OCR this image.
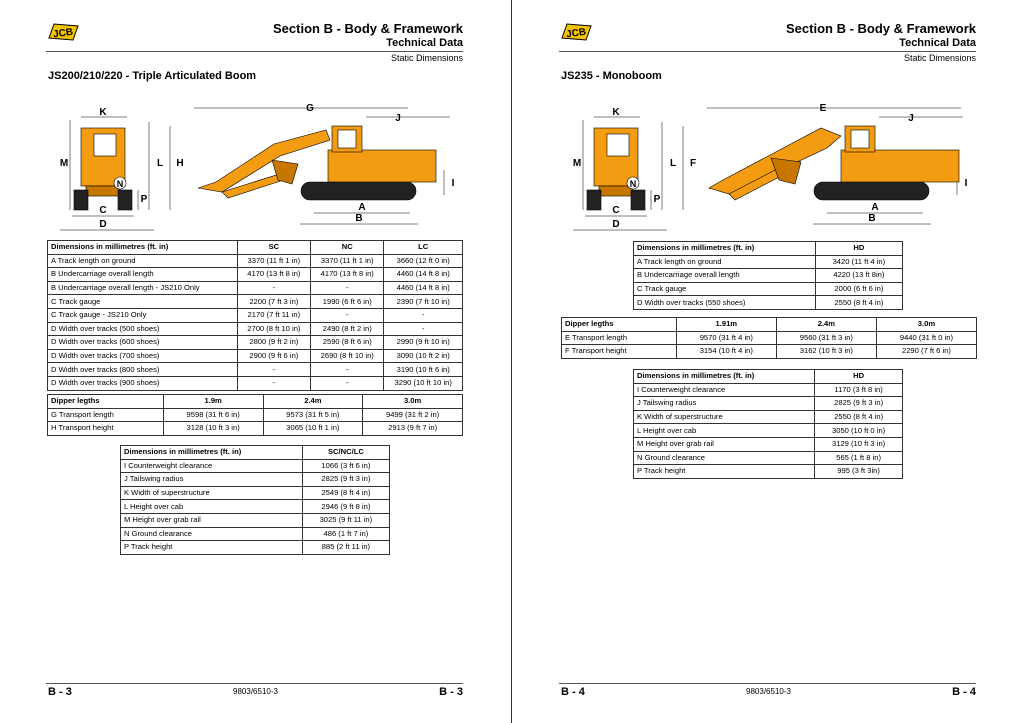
JCB	Section B - Body & Framework
Technical Data
Static Dimensions
JS200/210/220 - Triple Articulated Boom
K
M	L H
P
N
C
D
G
J
I
A
B
Dimensions in millimetres (ft. in)	SC	NC	LC
A Track length on ground	3370 (11 ft 1 in)	3370 (11 ft 1 in)	3660 (12 ft 0 in)
B Undercarriage overall length	4170 (13 ft 8 in)	4170 (13 ft 8 in)	4460 (14 ft 8 in)
B Undercarriage overall length - JS210 Only	-	-	4460 (14 ft 8 in)
C Track gauge	2200 (7 ft 3 in)	1990 (6 ft 6 in)	2390 (7 ft 10 in)
C Track gauge - JS210 Only	2170 (7 ft 11 in)	-	-
D Width over tracks (500 shoes)	2700 (8 ft 10 in)	2490 (8 ft 2 in)	-
D Width over tracks (600 shoes)	2800 (9 ft 2 in)	2590 (8 ft 6 in)	2990 (9 ft 10 in)
D Width over tracks (700 shoes)	2900 (9 ft 6 in)	2690 (8 ft 10 in)	3090 (10 ft 2 in)
D Width over tracks (800 shoes)	-	-	3190 (10 ft 6 in)
D Width over tracks (900 shoes)	-	-	3290 (10 ft 10 in)
Dipper legths	1.9m	2.4m	3.0m
G Transport length	9598 (31 ft 6 in)	9573 (31 ft 5 in)	9499 (31 ft 2 in)
H Transport height	3128 (10 ft 3 in)	3065 (10 ft 1 in)	2913 (9 ft 7 in)
Dimensions in millimetres (ft. in)	SC/NC/LC
I Counterweight clearance	1066 (3 ft 6 in)
J Tailswing radius	2825 (9 ft 3 in)
K Width of superstructure	2549 (8 ft 4 in)
L Height over cab	2946 (9 ft 8 in)
M Height over grab rail	3025 (9 ft 11 in)
N Ground clearance	486 (1 ft 7 in)
P Track height	885 (2 ft 11 in)
B - 3	9803/6510-3	B - 3
JCB	Section B - Body & Framework
Technical Data
Static Dimensions
JS235 - Monoboom
K
M	L F
P
N
C
D
E
J
I
A
B
Dimensions in millimetres (ft. in)	HD
A Track length on ground	3420 (11 ft 4 in)
B Undercarriage overall length	4220 (13 ft 8in)
C Track gauge	2000 (6 ft 6 in)
D Width over tracks (550 shoes)	2550 (8 ft 4 in)
Dipper legths	1.91m	2.4m	3.0m
E Transport length	9570 (31 ft 4 in)	9560 (31 ft 3 in)	9440 (31 ft 0 in)
F Transport height	3154 (10 ft 4 in)	3162 (10 ft 3 in)	2290 (7 ft 6 in)
Dimensions in millimetres (ft. in)	HD
I Counterweight clearance	1170 (3 ft 8 in)
J Tailswing radius	2825 (9 ft 3 in)
K Width of superstructure	2550 (8 ft 4 in)
L Height over cab	3050 (10 ft 0 in)
M Height over grab rail	3129 (10 ft 3 in)
N Ground clearance	565 (1 ft 8 in)
P Track height	995 (3 ft 3in)
B - 4	9803/6510-3	B - 4
